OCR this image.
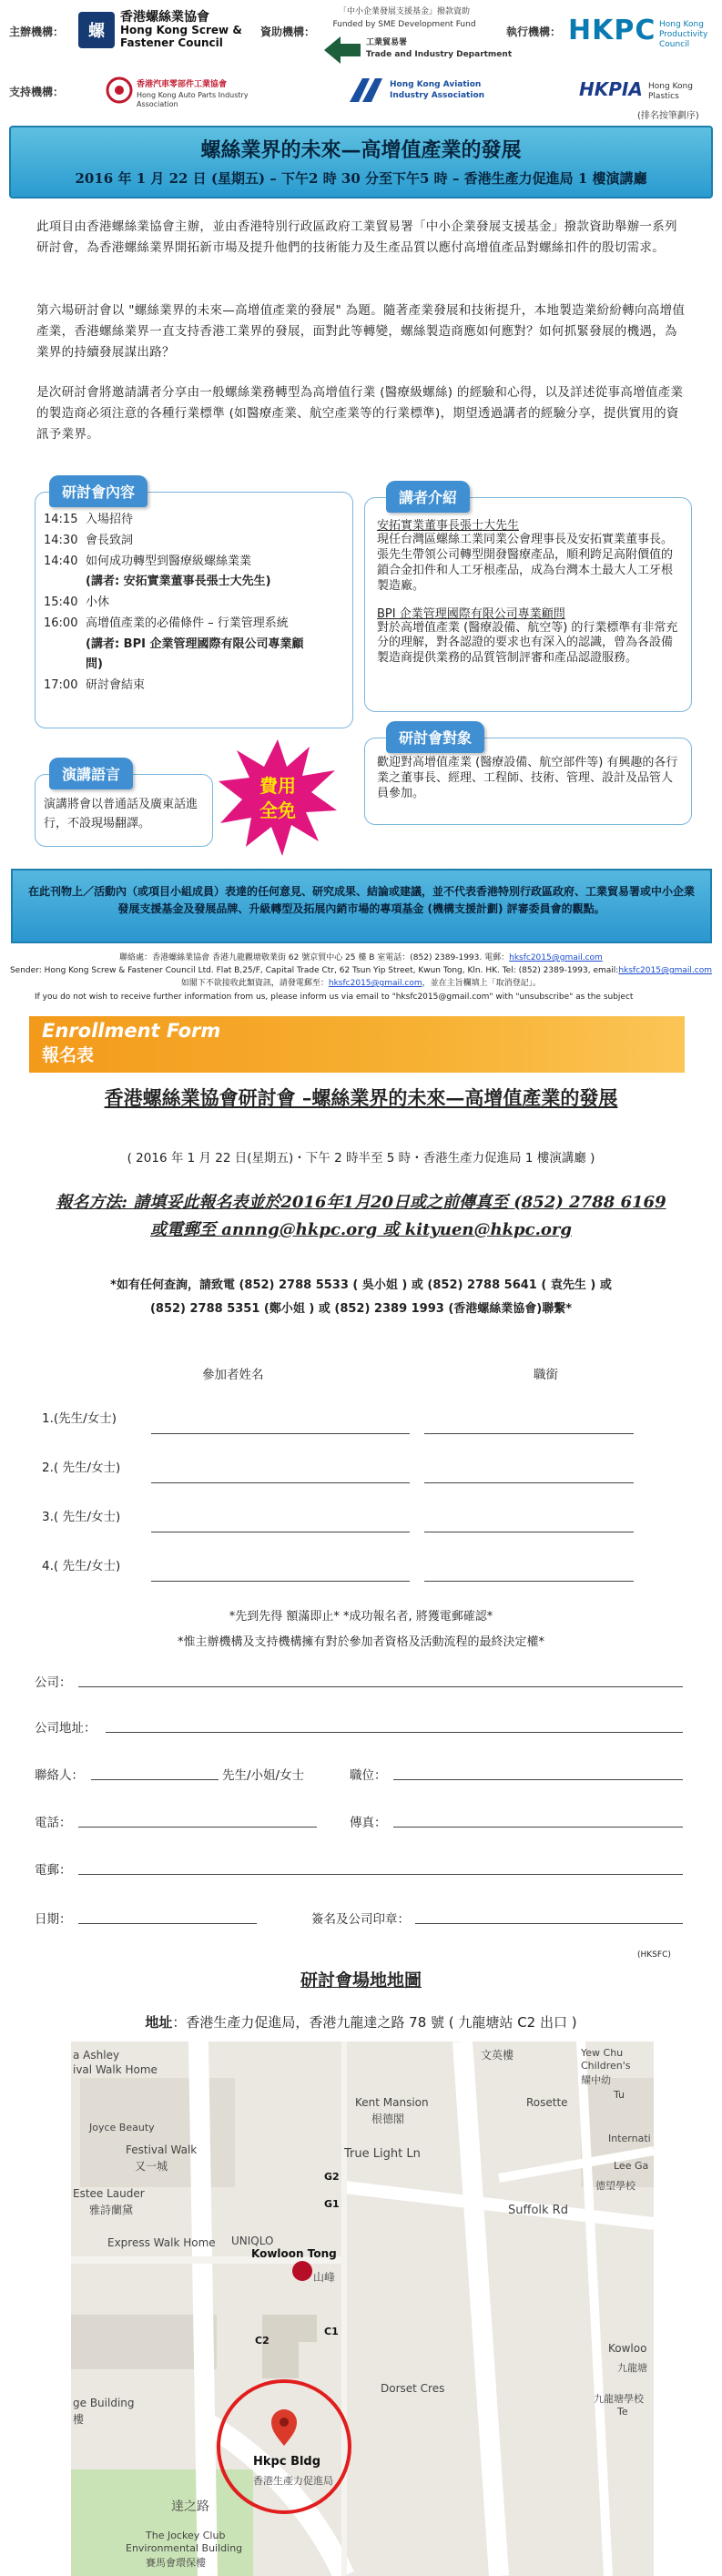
主辦機構：	螺
香港螺絲業協會
Hong Kong Screw &
Fastener Council
資助機構：
「中小企業發展支援基金」撥款資助
Funded by SME Development Fund
工業貿易署
Trade and Industry Department
執行機構： HKPC Hong Kong
Productivity Council
支持機構：
香港汽車零部件工業協會
Hong Kong Auto Parts Industry Association
Hong Kong Aviation
Industry Association	HKPIA Hong Kong Plastics
(排名按筆劃序)
螺絲業界的未來—高增值產業的發展
2016 年 1 月 22 日 (星期五) – 下午2 時 30 分至下午5 時 – 香港生產力促進局 1 樓演講廳
此項目由香港螺絲業協會主辦，並由香港特別行政區政府工業貿易署「中小企業發展支援基金」撥款資助舉辦一系列研討會，為香港螺絲業界開拓新市場及提升他們的技術能力及生產品質以應付高增值產品對螺絲扣件的殷切需求。
第六場研討會以 "螺絲業界的未來—高增值產業的發展" 為題。隨著產業發展和技術提升，本地製造業紛紛轉向高增值產業，香港螺絲業界一直支持香港工業界的發展，面對此等轉變，螺絲製造商應如何應對？如何抓緊發展的機遇，為業界的持續發展謀出路？
是次研討會將邀請講者分享由一般螺絲業務轉型為高增值行業 (醫療級螺絲) 的經驗和心得，以及詳述從事高增值產業的製造商必須注意的各種行業標準 (如醫療產業、航空產業等的行業標準)，期望透過講者的經驗分享，提供實用的資訊予業界。
研討會內容
14:15 入場招待
14:30 會長致詞
14:40 如何成功轉型到醫療級螺絲業業
(講者: 安拓實業董事長張士大先生)
15:40 小休
16:00 高增值產業的必備條件 – 行業管理系統
(講者: BPI 企業管理國際有限公司專業顧
問)
17:00 研討會結束
講者介紹
安拓實業董事長張士大先生
現任台灣區螺絲工業同業公會理事長及安拓實業董事長。張先生帶領公司轉型開發醫療產品，順利跨足高附價值的鎖合金扣件和人工牙根產品，成為台灣本土最大人工牙根製造廠。
BPI 企業管理國際有限公司專業顧問
對於高增值產業 (醫療設備、航空等) 的行業標準有非常充分的理解，對各認證的要求也有深入的認識，曾為各設備製造商提供業務的品質管制評審和產品認證服務。
研討會對象
歡迎對高增值產業 (醫療設備、航空部件等) 有興趣的各行業之董事長、經理、工程師、技術、管理、設計及品管人員參加。
演講語言
演講將會以普通話及廣東話進行，不設現場翻譯。
費用
全免
在此刊物上／活動內（或項目小組成員）表達的任何意見、研究成果、結論或建議，並不代表香港特別行政區政府、工業貿易署或中小企業發展支援基金及發展品牌、升級轉型及拓展內銷市場的專項基金 (機構支援計劃) 評審委員會的觀點。
聯絡處：香港螺絲業協會 香港九龍觀塘敬業街 62 號京貿中心 25 樓 B 室電話：(852) 2389-1993. 電郵：hksfc2015@gmail.com
Sender: Hong Kong Screw & Fastener Council Ltd. Flat B,25/F, Capital Trade Ctr, 62 Tsun Yip Street, Kwun Tong, Kln. HK. Tel: (852) 2389-1993, email:hksfc2015@gmail.com
如閣下不欲接收此類資訊，請發電郵至：hksfc2015@gmail.com，並在主旨欄填上「取消登記」。
If you do not wish to receive further information from us, please inform us via email to "hksfc2015@gmail.com" with "unsubscribe" as the subject
Enrollment Form
報名表
香港螺絲業協會研討會 –螺絲業界的未來—高增值產業的發展
( 2016 年 1 月 22 日(星期五)・下午 2 時半至 5 時・香港生產力促進局 1 樓演講廳 )
報名方法: 請填妥此報名表並於2016年1月20日或之前傳真至 (852) 2788 6169
或電郵至 annng@hkpc.org 或 kityuen@hkpc.org
*如有任何查詢，請致電 (852) 2788 5533 ( 吳小姐 ) 或 (852) 2788 5641 ( 袁先生 ) 或
(852) 2788 5351 (鄭小姐 ) 或 (852) 2389 1993 (香港螺絲業協會)聯繫*
參加者姓名	職銜
1.(先生/女士)
2.( 先生/女士)
3.( 先生/女士)
4.( 先生/女士)
*先到先得 額滿即止* *成功報名者, 將獲電郵確認*
*惟主辦機構及支持機構擁有對於參加者資格及活動流程的最終決定權*
公司：
公司地址：
聯絡人：	先生/小姐/女士	職位：
電話：	傳真：
電郵：
日期：	簽名及公司印章：
(HKSFC)
研討會場地地圖
地址：香港生產力促進局，香港九龍達之路 78 號 ( 九龍塘站 C2 出口 )
a Ashley
ival Walk Home
Joyce Beauty
Festival Walk
又一城
Estee Lauder
雅詩蘭黛
Express Walk Home UNIQLO
Kent Mansion
根德閣
True Light Ln
G2
G1
Kowloon Tong
Suffolk Rd
山峰
C2
C1
Dorset Cres
Hkpc Bldg
香港生產力促進局
達之路
The Jockey Club
Environmental Building
賽馬會環保樓
Yew Chu
Children's
耀中幼
Rosette
文英樓
Tu
Internati
Lee Ga
德望學校
Kowloo
九龍塘
九龍塘學校
Te
ge Building
樓
